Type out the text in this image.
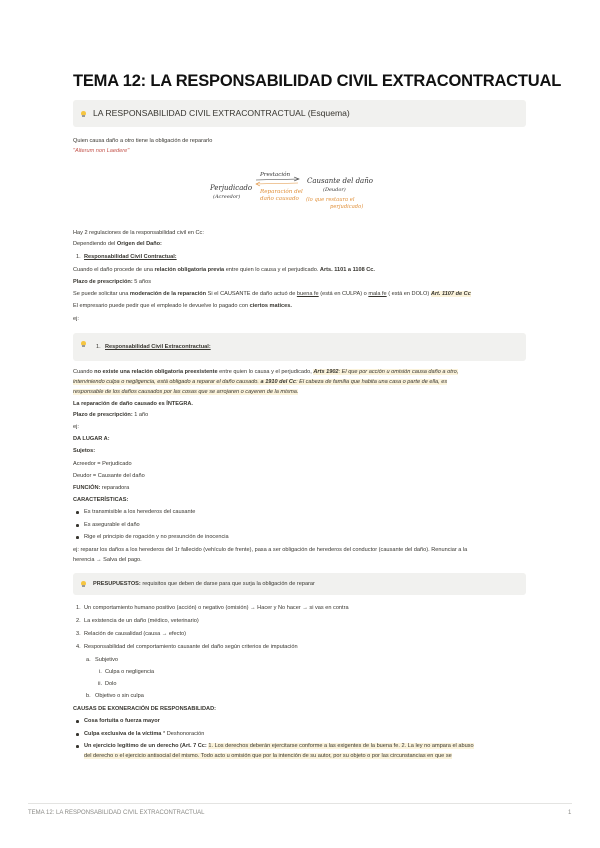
TEMA 12: LA RESPONSABILIDAD CIVIL EXTRACONTRACTUAL
LA RESPONSABILIDAD CIVIL EXTRACONTRACTUAL (Esquema)
Quien causa daño a otro tiene la obligación de repararlo
"Alterum non Laedere"
Perjudicado
(Acreedor)
Prestación
Reparación del
daño causado
Causante del daño
(Deudor)
(lo que restaura el
perjudicado)
Hay 2 regulaciones de la responsabilidad civil en Cc:
Dependiendo del Origen del Daño:
1. Responsabilidad Civil Contractual:
Cuando el daño procede de una relación obligatoria previa entre quien lo causa y el perjudicado. Arts. 1101 a 1108 Cc.
Plazo de prescripción: 5 años
Se puede solicitar una moderación de la reparación Si el CAUSANTE de daño actuó de buena fe (está en CULPA) o mala fe ( está en DOLO) Art. 1107 de Cc
El empresario puede pedir que el empleado le devuelve lo pagado con ciertos matices.
ej:
1. Responsabilidad Civil Extracontractual:
Cuando no existe una relación obligatoria preexistente entre quien lo causa y el perjudicado, Arts 1902: El que por acción u omisión causa daño a otro,
interviniendo culpa o negligencia, está obligado a reparar el daño causado. a 1910 del Cc: El cabeza de familia que habita una casa o parte de ella, es
responsable de los daños causados por las cosas que se arrojaren o cayeren de la misma.
La reparación de daño causado es ÍNTEGRA.
Plazo de prescripción: 1 año
ej:
DA LUGAR A:
Sujetos:
Acreedor = Perjudicado
Deudor = Causante del daño
FUNCIÓN: reparadora
CARACTERÍSTICAS:
Es transmisible a los herederos del causante
Es asegurable el daño
Rige el principio de rogación y no presunción de inocencia
ej: reparar los daños a los herederos del 1r fallecido (vehículo de frente), pasa a ser obligación de herederos del conductor (causante del daño). Renunciar a la
herencia → Salva del pago.
PRESUPUESTOS: requisitos que deben de darse para que surja la obligación de reparar
1. Un comportamiento humano positivo (acción) o negativo (omisión) → Hacer y No hacer → si vas en contra
2. La existencia de un daño (médico, veterinario)
3. Relación de causalidad (causa → efecto)
4. Responsabilidad del comportamiento causante del daño según criterios de imputación
a. Subjetivo
i. Culpa o negligencia
ii. Dolo
b. Objetivo o sin culpa
CAUSAS DE EXONERACIÓN DE RESPONSABILIDAD:
Cosa fortuita o fuerza mayor
Culpa exclusiva de la víctima * Deshonoración
Un ejercicio legítimo de un derecho (Art. 7 Cc: 1. Los derechos deberán ejercitarse conforme a las exigentes de la buena fe. 2. La ley no ampara el abuso
del derecho o el ejercicio antisocial del mismo. Todo acto u omisión que por la intención de su autor, por su objeto o por las circunstancias en que se
TEMA 12: LA RESPONSABILIDAD CIVIL EXTRACONTRACTUAL	1
